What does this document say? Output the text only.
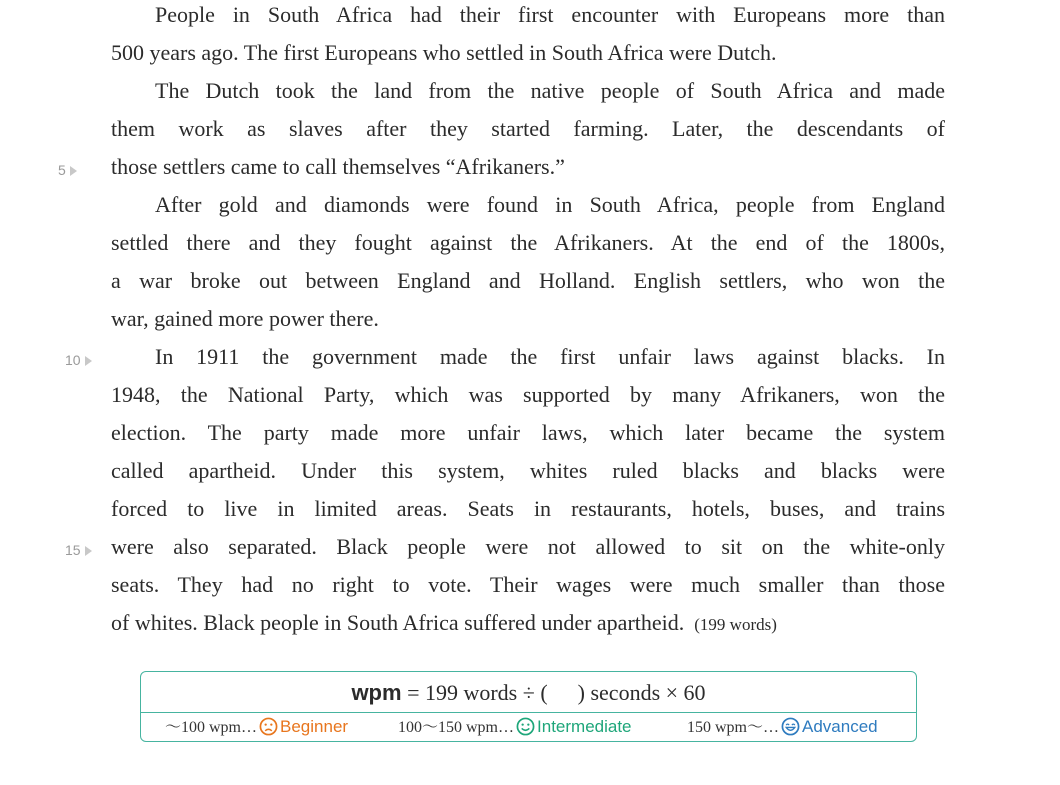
People in South Africa had their first encounter with Europeans more than
500 years ago. The first Europeans who settled in South Africa were Dutch.
The Dutch took the land from the native people of South Africa and made
them work as slaves after they started farming. Later, the descendants of
those settlers came to call themselves “Afrikaners.”
After gold and diamonds were found in South Africa, people from England
settled there and they fought against the Afrikaners. At the end of the 1800s,
a war broke out between England and Holland. English settlers, who won the
war, gained more power there.
In 1911 the government made the first unfair laws against blacks. In
1948, the National Party, which was supported by many Afrikaners, won the
election. The party made more unfair laws, which later became the system
called apartheid. Under this system, whites ruled blacks and blacks were
forced to live in limited areas. Seats in restaurants, hotels, buses, and trains
were also separated. Black people were not allowed to sit on the white-only
seats. They had no right to vote. Their wages were much smaller than those
of whites. Black people in South Africa suffered under apartheid. (199 words)
5
10
15
wpm = 199 words ÷ ( ) seconds × 60
～100 wpm… Beginner	100～150 wpm… Intermediate	150 wpm～… Advanced
